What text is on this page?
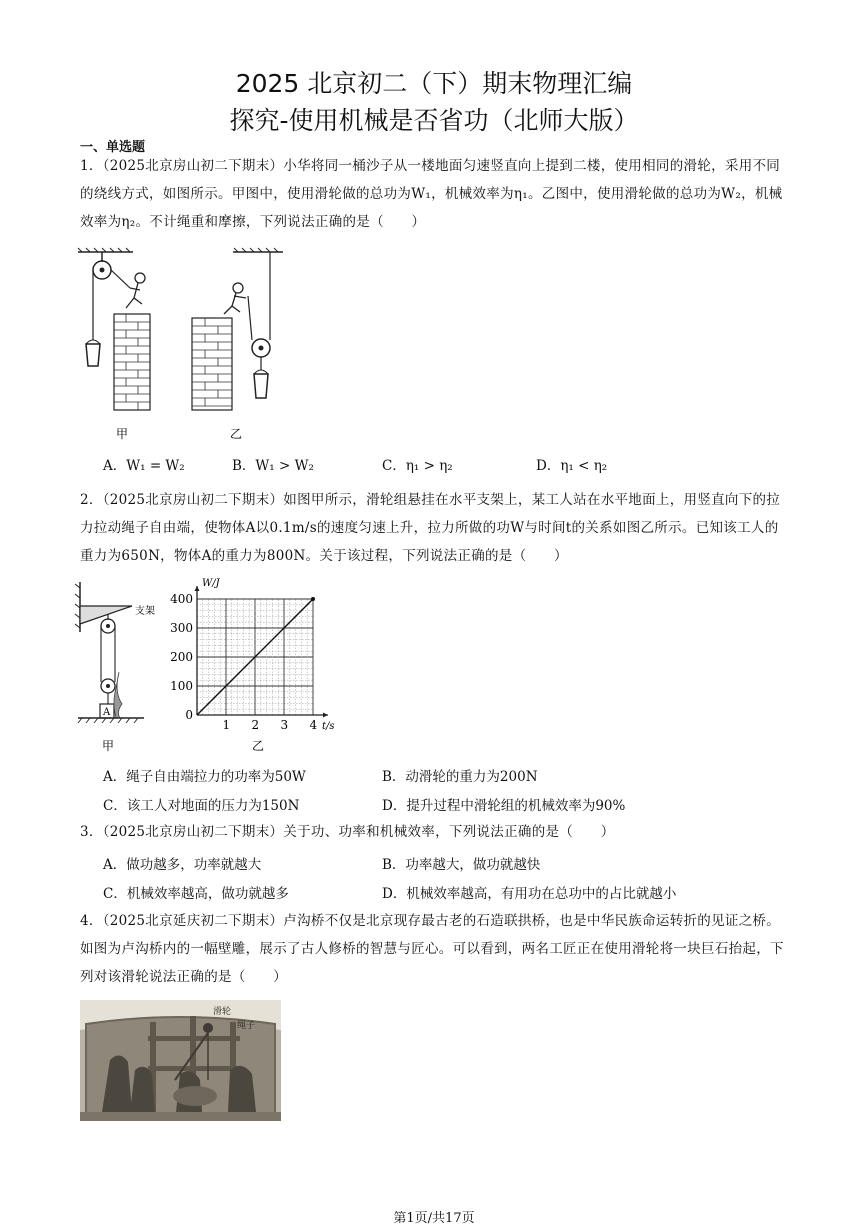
2025 北京初二（下）期末物理汇编
探究-使用机械是否省功（北师大版）
一、单选题
1．（2025北京房山初二下期末）小华将同一桶沙子从一楼地面匀速竖直向上提到二楼，使用相同的滑轮，采用不同的绕线方式，如图所示。甲图中，使用滑轮做的总功为W₁，机械效率为η₁。乙图中，使用滑轮做的总功为W₂，机械效率为η₂。不计绳重和摩擦，下列说法正确的是（　　）
甲	乙
A．W₁ = W₂	B．W₁ > W₂	C．η₁ > η₂	D．η₁ < η₂
2．（2025北京房山初二下期末）如图甲所示，滑轮组悬挂在水平支架上，某工人站在水平地面上，用竖直向下的拉力拉动绳子自由端，使物体A以0.1m/s的速度匀速上升，拉力所做的功W与时间t的关系如图乙所示。已知该工人的重力为650N，物体A的重力为800N。关于该过程，下列说法正确的是（　　）
A
支架
甲
1 2 3 4
0
100
200
300
400
W/J
t/s
乙
A．绳子自由端拉力的功率为50W	B．动滑轮的重力为200N
C．该工人对地面的压力为150N	D．提升过程中滑轮组的机械效率为90%
3．（2025北京房山初二下期末）关于功、功率和机械效率，下列说法正确的是（　　）
A．做功越多，功率就越大	B．功率越大，做功就越快
C．机械效率越高，做功就越多	D．机械效率越高，有用功在总功中的占比就越小
4．（2025北京延庆初二下期末）卢沟桥不仅是北京现存最古老的石造联拱桥，也是中华民族命运转折的见证之桥。如图为卢沟桥内的一幅壁雕，展示了古人修桥的智慧与匠心。可以看到，两名工匠正在使用滑轮将一块巨石抬起，下列对该滑轮说法正确的是（　　）
滑轮
绳子
第1页/共17页
